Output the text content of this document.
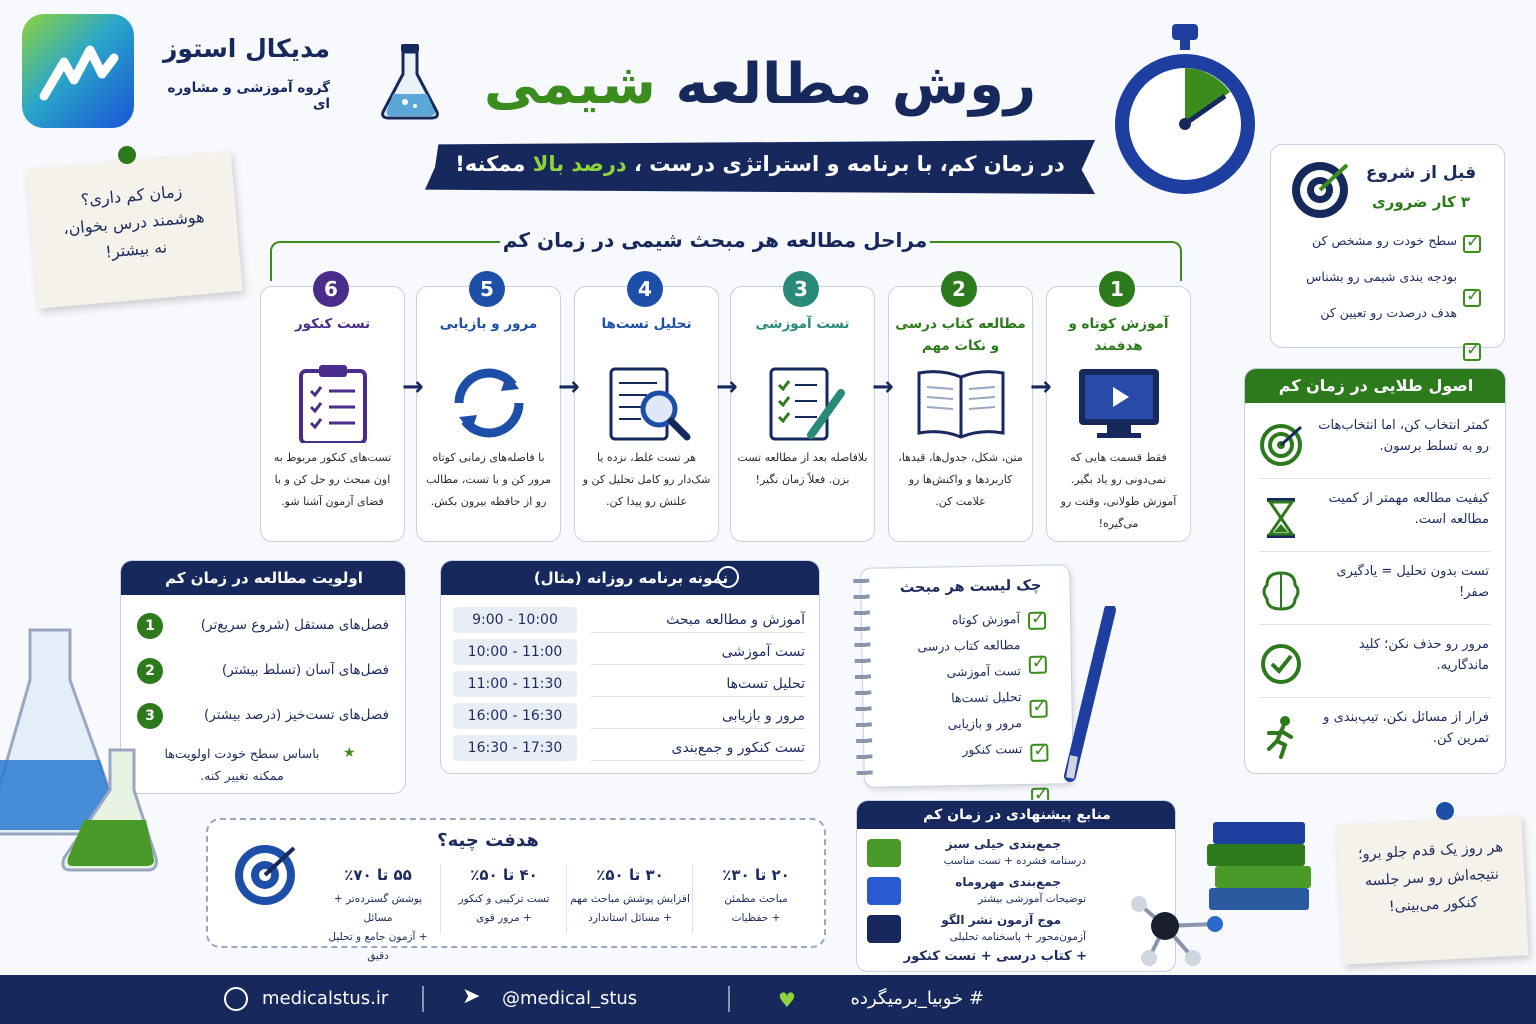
مدیکال استوز
گروه آموزشی و مشاوره ای	روش مطالعه شیمی
در زمان کم، با برنامه و استراتژی درست ، درصد بالا ممکنه!
زمان کم داری؟
هوشمند درس بخوان،
نه بیشتر!	مراحل مطالعه هر مبحث شیمی در زمان کم
1
آموزش کوتاه و هدفمند
فقط قسمت هایی که نمی‌دونی رو یاد بگیر. آموزش طولانی، وقتت رو می‌گیره!
2
مطالعه کتاب درسی و نکات مهم
متن، شکل، جدول‌ها، قیدها، کاربردها و واکنش‌ها رو علامت کن.
3
تست آموزشی
بلافاصله بعد از مطالعه تست بزن. فعلاً زمان نگیر!
4
تحلیل تست‌ها
هر تست غلط، نزده یا شک‌دار رو کامل تحلیل کن و علتش رو پیدا کن.
5
مرور و بازیابی
با فاصله‌های زمانی کوتاه مرور کن و با تست، مطالب رو از حافظه بیرون بکش.
6
تست کنکور
تست‌های کنکور مربوط به اون مبحث رو حل کن و با فضای آزمون آشنا شو.
→	→	→	→	→
قبل از شروع
۳ کار ضروری
✓
سطح خودت رو مشخص کن
✓
بودجه بندی شیمی رو بشناس
✓
هدف درصدت رو تعیین کن
اصول طلایی در زمان کم
کمتر انتخاب کن، اما انتخاب‌هات رو به تسلط برسون.
کیفیت مطالعه مهمتر از کمیت مطالعه است.
تست بدون تحلیل = یادگیری صفر!
مرور رو حذف نکن؛ کلید ماندگاریه.
فرار از مسائل نکن، تیپ‌بندی و تمرین کن.
اولویت مطالعه در زمان کم
1	فصل‌های مستقل (شروع سریع‌تر)
2	فصل‌های آسان (تسلط بیشتر)
3	فصل‌های تست‌خیز (درصد بیشتر)
★
باساس سطح خودت اولویت‌ها ممکنه تغییر کنه.
نمونه برنامه روزانه (مثال)
9:00 - 10:00	آموزش و مطالعه مبحث
10:00 - 11:00	تست آموزشی
11:00 - 11:30	تحلیل تست‌ها
16:00 - 16:30	مرور و بازیابی
16:30 - 17:30	تست کنکور و جمع‌بندی
چک لیست هر مبحث
✓
آموزش کوتاه
✓
مطالعه کتاب درسی
✓
تست آموزشی
✓
تحلیل تست‌ها
✓
مرور و بازیابی
✓
تست کنکور
هدفت چیه؟
۲۰ تا ۳۰٪
مباحث مطمئن
+ حفظیات
۳۰ تا ۵۰٪
افزایش پوشش مباحث مهم
+ مسائل استاندارد
۴۰ تا ۵۰٪
تست ترکیبی و کنکور
+ مرور قوی
۵۵ تا ۷۰٪
پوشش گسترده‌تر + مسائل
+ آزمون جامع و تحلیل دقیق
منابع پیشنهادی در زمان کم
جمع‌بندی خیلی سبز
درسنامه فشرده + تست مناسب
جمع‌بندی مهروماه
توضیحات آموزشی بیشتر
موج آزمون نشر الگو
آزمون‌محور + پاسخنامه تحلیلی
+ کتاب درسی + تست کنکور
هر روز یک قدم جلو برو؛
نتیجه‌اش رو سر جلسه
کنکور می‌بینی!
medicalstus.ir	➤ @medical_stus	♥	# خوبیا_برمیگرده
